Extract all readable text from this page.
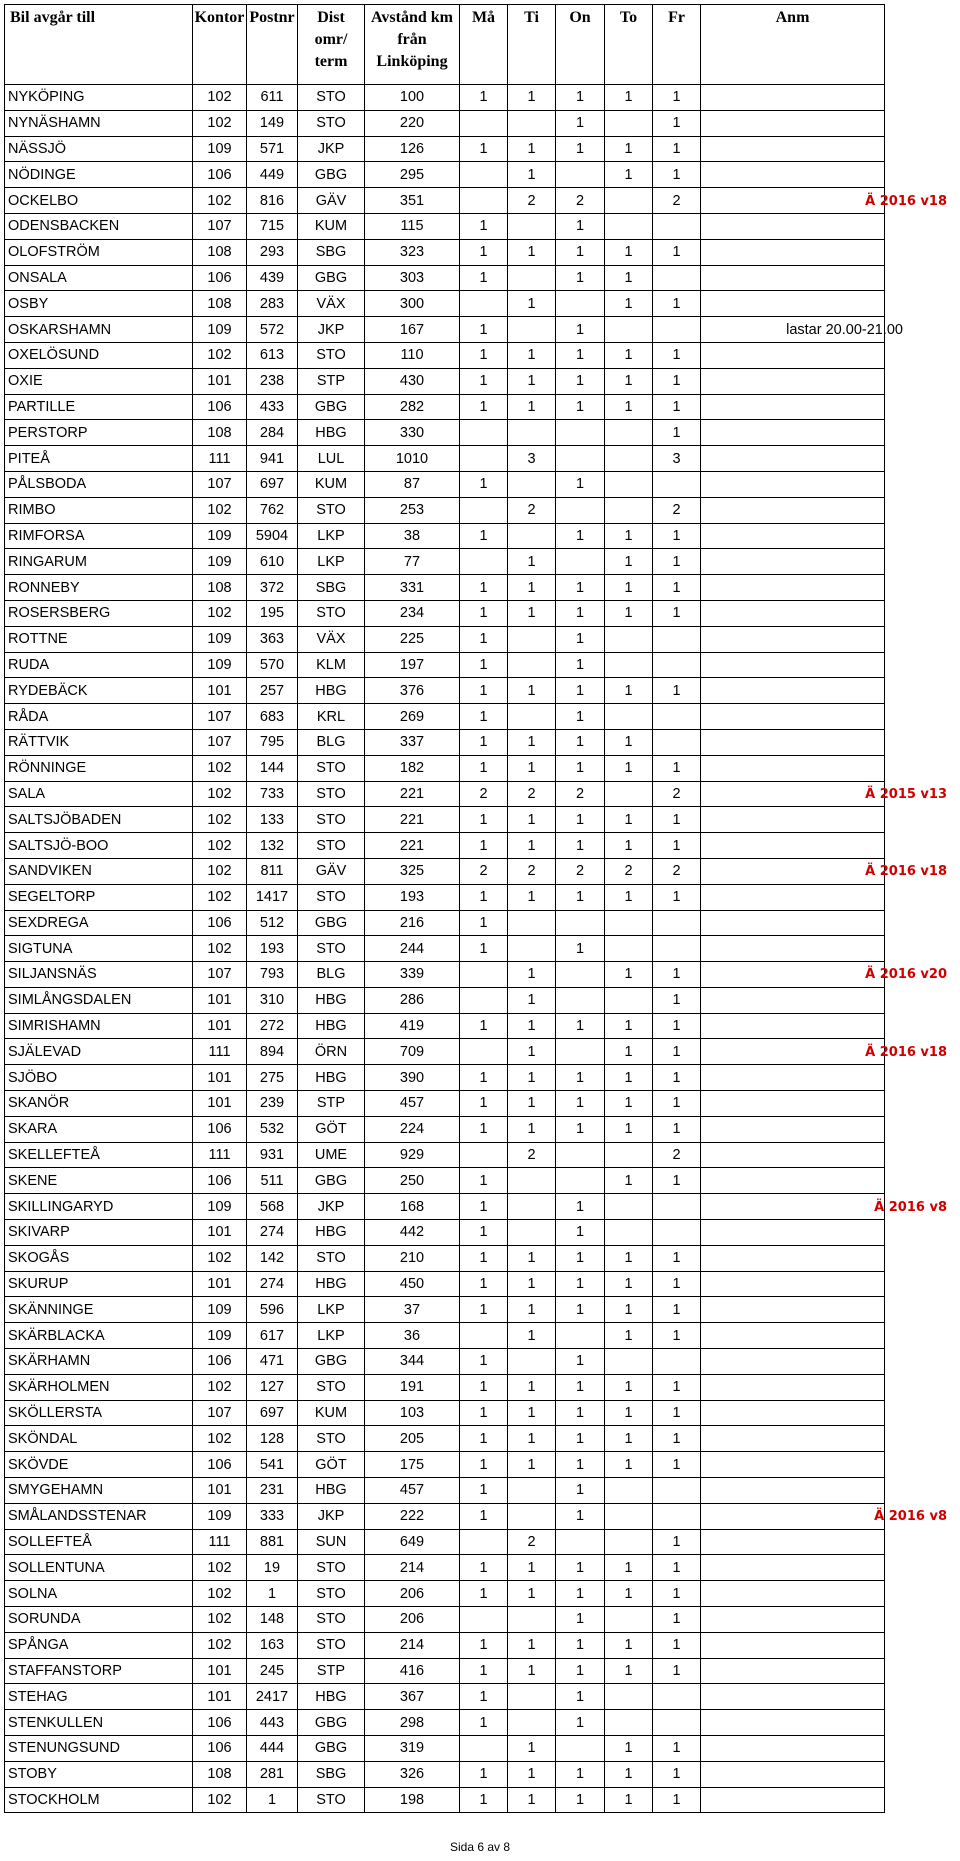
Bil avgår till	Kontor	Postnr	Dist omr/ term	Avstånd km från Linköping	Må	Ti	On	To	Fr	Anm
NYKÖPING	102	611	STO	100	1	1	1	1	1	
NYNÄSHAMN	102	149	STO	220			1		1	
NÄSSJÖ	109	571	JKP	126	1	1	1	1	1	
NÖDINGE	106	449	GBG	295		1		1	1	
OCKELBO	102	816	GÄV	351		2	2		2	Ä 2016 v18
ODENSBACKEN	107	715	KUM	115	1		1			
OLOFSTRÖM	108	293	SBG	323	1	1	1	1	1	
ONSALA	106	439	GBG	303	1		1	1		
OSBY	108	283	VÄX	300		1		1	1	
OSKARSHAMN	109	572	JKP	167	1		1			lastar 20.00-21.00
OXELÖSUND	102	613	STO	110	1	1	1	1	1	
OXIE	101	238	STP	430	1	1	1	1	1	
PARTILLE	106	433	GBG	282	1	1	1	1	1	
PERSTORP	108	284	HBG	330					1	
PITEÅ	111	941	LUL	1010		3			3	
PÅLSBODA	107	697	KUM	87	1		1			
RIMBO	102	762	STO	253		2			2	
RIMFORSA	109	5904	LKP	38	1		1	1	1	
RINGARUM	109	610	LKP	77		1		1	1	
RONNEBY	108	372	SBG	331	1	1	1	1	1	
ROSERSBERG	102	195	STO	234	1	1	1	1	1	
ROTTNE	109	363	VÄX	225	1		1			
RUDA	109	570	KLM	197	1		1			
RYDEBÄCK	101	257	HBG	376	1	1	1	1	1	
RÅDA	107	683	KRL	269	1		1			
RÄTTVIK	107	795	BLG	337	1	1	1	1		
RÖNNINGE	102	144	STO	182	1	1	1	1	1	
SALA	102	733	STO	221	2	2	2		2	Ä 2015 v13
SALTSJÖBADEN	102	133	STO	221	1	1	1	1	1	
SALTSJÖ-BOO	102	132	STO	221	1	1	1	1	1	
SANDVIKEN	102	811	GÄV	325	2	2	2	2	2	Ä 2016 v18
SEGELTORP	102	1417	STO	193	1	1	1	1	1	
SEXDREGA	106	512	GBG	216	1					
SIGTUNA	102	193	STO	244	1		1			
SILJANSNÄS	107	793	BLG	339		1		1	1	Ä 2016 v20
SIMLÅNGSDALEN	101	310	HBG	286		1			1	
SIMRISHAMN	101	272	HBG	419	1	1	1	1	1	
SJÄLEVAD	111	894	ÖRN	709		1		1	1	Ä 2016 v18
SJÖBO	101	275	HBG	390	1	1	1	1	1	
SKANÖR	101	239	STP	457	1	1	1	1	1	
SKARA	106	532	GÖT	224	1	1	1	1	1	
SKELLEFTEÅ	111	931	UME	929		2			2	
SKENE	106	511	GBG	250	1			1	1	
SKILLINGARYD	109	568	JKP	168	1		1			Ä 2016 v8
SKIVARP	101	274	HBG	442	1		1			
SKOGÅS	102	142	STO	210	1	1	1	1	1	
SKURUP	101	274	HBG	450	1	1	1	1	1	
SKÄNNINGE	109	596	LKP	37	1	1	1	1	1	
SKÄRBLACKA	109	617	LKP	36		1		1	1	
SKÄRHAMN	106	471	GBG	344	1		1			
SKÄRHOLMEN	102	127	STO	191	1	1	1	1	1	
SKÖLLERSTA	107	697	KUM	103	1	1	1	1	1	
SKÖNDAL	102	128	STO	205	1	1	1	1	1	
SKÖVDE	106	541	GÖT	175	1	1	1	1	1	
SMYGEHAMN	101	231	HBG	457	1		1			
SMÅLANDSSTENAR	109	333	JKP	222	1		1			Ä 2016 v8
SOLLEFTEÅ	111	881	SUN	649		2			1	
SOLLENTUNA	102	19	STO	214	1	1	1	1	1	
SOLNA	102	1	STO	206	1	1	1	1	1	
SORUNDA	102	148	STO	206			1		1	
SPÅNGA	102	163	STO	214	1	1	1	1	1	
STAFFANSTORP	101	245	STP	416	1	1	1	1	1	
STEHAG	101	2417	HBG	367	1		1			
STENKULLEN	106	443	GBG	298	1		1			
STENUNGSUND	106	444	GBG	319		1		1	1	
STOBY	108	281	SBG	326	1	1	1	1	1	
STOCKHOLM	102	1	STO	198	1	1	1	1	1	
Sida 6 av 8
